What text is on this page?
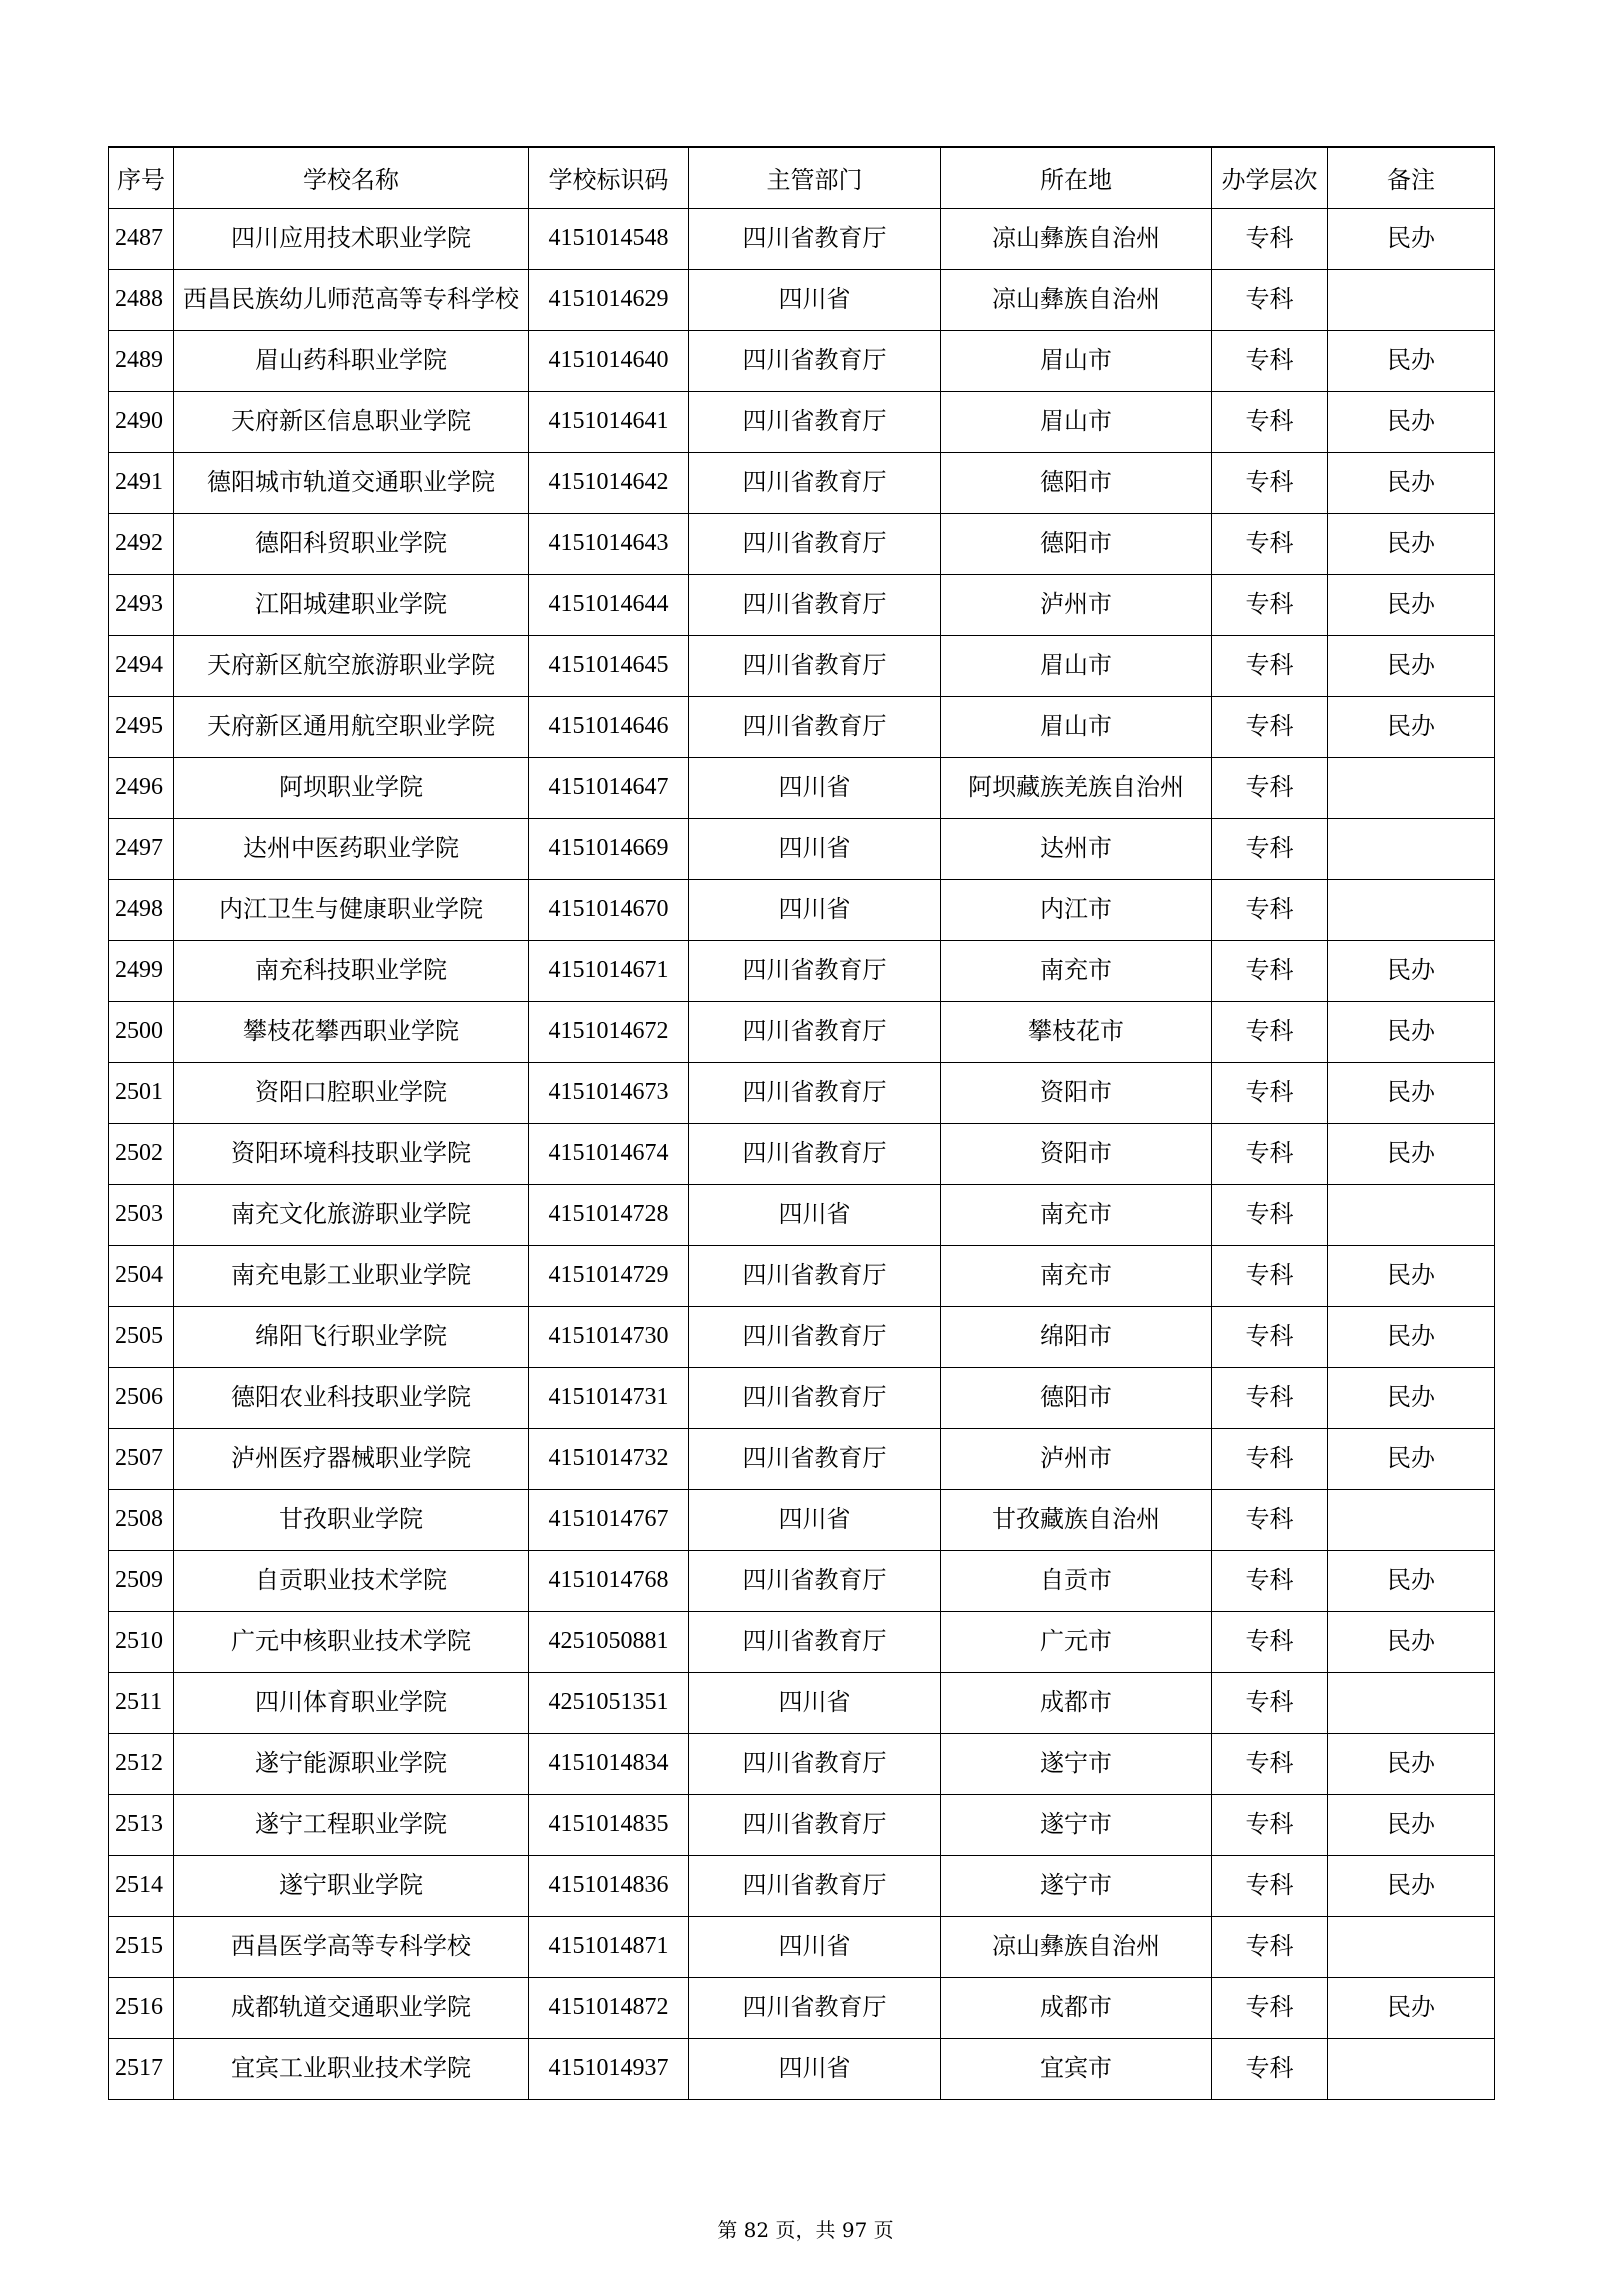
序号	学校名称	学校标识码	主管部门	所在地	办学层次	备注
2487	四川应用技术职业学院	4151014548	四川省教育厅	凉山彝族自治州	专科	民办
2488	西昌民族幼儿师范高等专科学校	4151014629	四川省	凉山彝族自治州	专科	
2489	眉山药科职业学院	4151014640	四川省教育厅	眉山市	专科	民办
2490	天府新区信息职业学院	4151014641	四川省教育厅	眉山市	专科	民办
2491	德阳城市轨道交通职业学院	4151014642	四川省教育厅	德阳市	专科	民办
2492	德阳科贸职业学院	4151014643	四川省教育厅	德阳市	专科	民办
2493	江阳城建职业学院	4151014644	四川省教育厅	泸州市	专科	民办
2494	天府新区航空旅游职业学院	4151014645	四川省教育厅	眉山市	专科	民办
2495	天府新区通用航空职业学院	4151014646	四川省教育厅	眉山市	专科	民办
2496	阿坝职业学院	4151014647	四川省	阿坝藏族羌族自治州	专科	
2497	达州中医药职业学院	4151014669	四川省	达州市	专科	
2498	内江卫生与健康职业学院	4151014670	四川省	内江市	专科	
2499	南充科技职业学院	4151014671	四川省教育厅	南充市	专科	民办
2500	攀枝花攀西职业学院	4151014672	四川省教育厅	攀枝花市	专科	民办
2501	资阳口腔职业学院	4151014673	四川省教育厅	资阳市	专科	民办
2502	资阳环境科技职业学院	4151014674	四川省教育厅	资阳市	专科	民办
2503	南充文化旅游职业学院	4151014728	四川省	南充市	专科	
2504	南充电影工业职业学院	4151014729	四川省教育厅	南充市	专科	民办
2505	绵阳飞行职业学院	4151014730	四川省教育厅	绵阳市	专科	民办
2506	德阳农业科技职业学院	4151014731	四川省教育厅	德阳市	专科	民办
2507	泸州医疗器械职业学院	4151014732	四川省教育厅	泸州市	专科	民办
2508	甘孜职业学院	4151014767	四川省	甘孜藏族自治州	专科	
2509	自贡职业技术学院	4151014768	四川省教育厅	自贡市	专科	民办
2510	广元中核职业技术学院	4251050881	四川省教育厅	广元市	专科	民办
2511	四川体育职业学院	4251051351	四川省	成都市	专科	
2512	遂宁能源职业学院	4151014834	四川省教育厅	遂宁市	专科	民办
2513	遂宁工程职业学院	4151014835	四川省教育厅	遂宁市	专科	民办
2514	遂宁职业学院	4151014836	四川省教育厅	遂宁市	专科	民办
2515	西昌医学高等专科学校	4151014871	四川省	凉山彝族自治州	专科	
2516	成都轨道交通职业学院	4151014872	四川省教育厅	成都市	专科	民办
2517	宜宾工业职业技术学院	4151014937	四川省	宜宾市	专科	
第 82 页，共 97 页
